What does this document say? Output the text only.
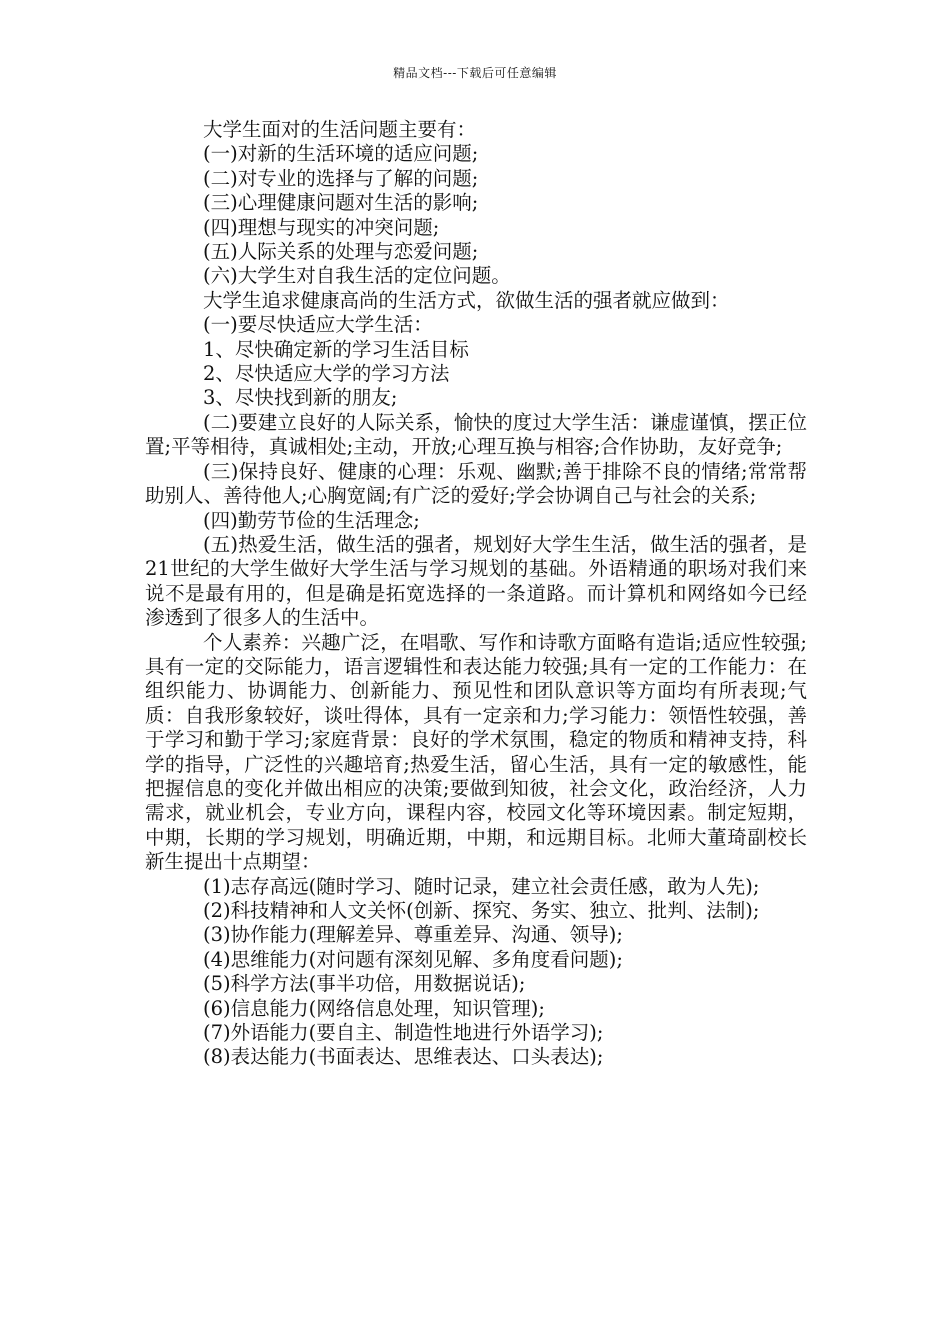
精品文档---下载后可任意编辑
大学生面对的生活问题主要有：
(一)对新的生活环境的适应问题;
(二)对专业的选择与了解的问题;
(三)心理健康问题对生活的影响;
(四)理想与现实的冲突问题;
(五)人际关系的处理与恋爱问题;
(六)大学生对自我生活的定位问题。
大学生追求健康高尚的生活方式，欲做生活的强者就应做到：
(一)要尽快适应大学生活：
1、尽快确定新的学习生活目标
2、尽快适应大学的学习方法
3、尽快找到新的朋友;
(二)要建立良好的人际关系，愉快的度过大学生活：谦虚谨慎，摆正位置;平等相待，真诚相处;主动，开放;心理互换与相容;合作协助，友好竞争;
(三)保持良好、健康的心理：乐观、幽默;善于排除不良的情绪;常常帮助别人、善待他人;心胸宽阔;有广泛的爱好;学会协调自己与社会的关系;
(四)勤劳节俭的生活理念;
(五)热爱生活，做生活的强者，规划好大学生生活，做生活的强者，是21世纪的大学生做好大学生活与学习规划的基础。外语精通的职场对我们来说不是最有用的，但是确是拓宽选择的一条道路。而计算机和网络如今已经渗透到了很多人的生活中。
个人素养：兴趣广泛，在唱歌、写作和诗歌方面略有造诣;适应性较强;具有一定的交际能力，语言逻辑性和表达能力较强;具有一定的工作能力：在组织能力、协调能力、创新能力、预见性和团队意识等方面均有所表现;气质：自我形象较好，谈吐得体，具有一定亲和力;学习能力：领悟性较强，善于学习和勤于学习;家庭背景：良好的学术氛围，稳定的物质和精神支持，科学的指导，广泛性的兴趣培育;热爱生活，留心生活，具有一定的敏感性，能把握信息的变化并做出相应的决策;要做到知彼，社会文化，政治经济，人力需求，就业机会，专业方向，课程内容，校园文化等环境因素。制定短期，中期，长期的学习规划，明确近期，中期，和远期目标。北师大董琦副校长新生提出十点期望：
(1)志存高远(随时学习、随时记录，建立社会责任感，敢为人先);
(2)科技精神和人文关怀(创新、探究、务实、独立、批判、法制);
(3)协作能力(理解差异、尊重差异、沟通、领导);
(4)思维能力(对问题有深刻见解、多角度看问题);
(5)科学方法(事半功倍，用数据说话);
(6)信息能力(网络信息处理，知识管理);
(7)外语能力(要自主、制造性地进行外语学习);
(8)表达能力(书面表达、思维表达、口头表达);
